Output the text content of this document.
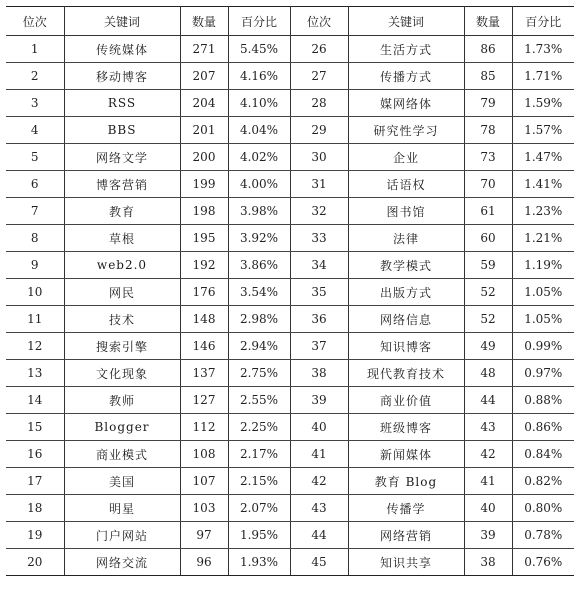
位次	关键词	数量	百分比	位次	关键词	数量	百分比
1	传统媒体	271	5.45%	26	生活方式	86	1.73%
2	移动博客	207	4.16%	27	传播方式	85	1.71%
3	RSS	204	4.10%	28	媒网络体	79	1.59%
4	BBS	201	4.04%	29	研究性学习	78	1.57%
5	网络文学	200	4.02%	30	企业	73	1.47%
6	博客营销	199	4.00%	31	话语权	70	1.41%
7	教育	198	3.98%	32	图书馆	61	1.23%
8	草根	195	3.92%	33	法律	60	1.21%
9	web2.0	192	3.86%	34	教学模式	59	1.19%
10	网民	176	3.54%	35	出版方式	52	1.05%
11	技术	148	2.98%	36	网络信息	52	1.05%
12	搜索引擎	146	2.94%	37	知识博客	49	0.99%
13	文化现象	137	2.75%	38	现代教育技术	48	0.97%
14	教师	127	2.55%	39	商业价值	44	0.88%
15	Blogger	112	2.25%	40	班级博客	43	0.86%
16	商业模式	108	2.17%	41	新闻媒体	42	0.84%
17	美国	107	2.15%	42	教育 Blog	41	0.82%
18	明星	103	2.07%	43	传播学	40	0.80%
19	门户网站	97	1.95%	44	网络营销	39	0.78%
20	网络交流	96	1.93%	45	知识共享	38	0.76%
